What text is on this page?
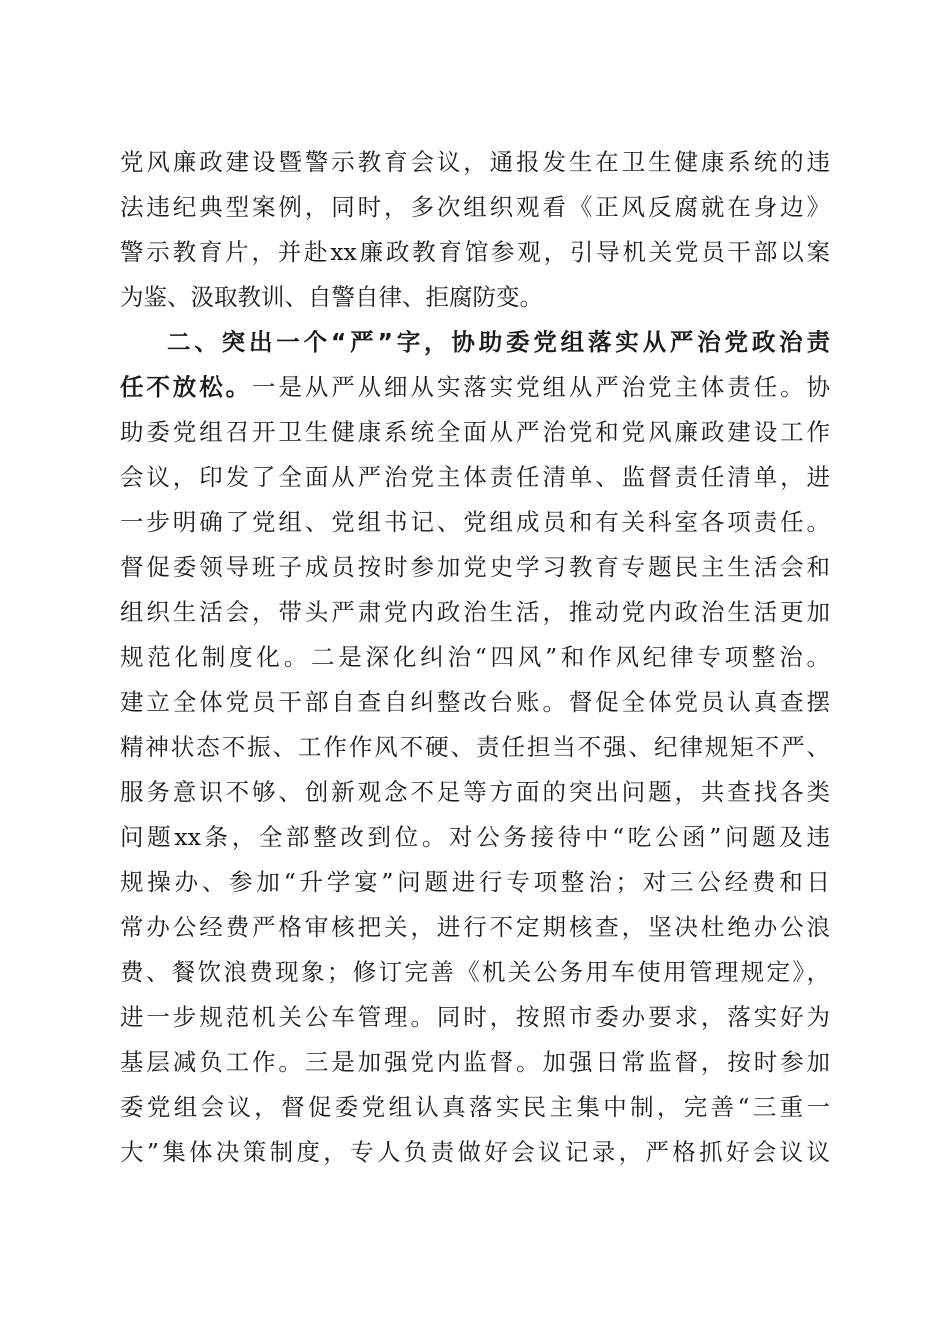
党风廉政建设暨警示教育会议，通报发生在卫生健康系统的违
法违纪典型案例，同时，多次组织观看《正风反腐就在身边》
警示教育片，并赴xx廉政教育馆参观，引导机关党员干部以案
为鉴、汲取教训、自警自律、拒腐防变。
二、突出一个“严”字，协助委党组落实从严治党政治责
任不放松。一是从严从细从实落实党组从严治党主体责任。协
助委党组召开卫生健康系统全面从严治党和党风廉政建设工作
会议，印发了全面从严治党主体责任清单、监督责任清单，进
一步明确了党组、党组书记、党组成员和有关科室各项责任。
督促委领导班子成员按时参加党史学习教育专题民主生活会和
组织生活会，带头严肃党内政治生活，推动党内政治生活更加
规范化制度化。二是深化纠治“四风”和作风纪律专项整治。
建立全体党员干部自查自纠整改台账。督促全体党员认真查摆
精神状态不振、工作作风不硬、责任担当不强、纪律规矩不严、
服务意识不够、创新观念不足等方面的突出问题，共查找各类
问题xx条，全部整改到位。对公务接待中“吃公函”问题及违
规操办、参加“升学宴”问题进行专项整治；对三公经费和日
常办公经费严格审核把关，进行不定期核查，坚决杜绝办公浪
费、餐饮浪费现象；修订完善《机关公务用车使用管理规定》，
进一步规范机关公车管理。同时，按照市委办要求，落实好为
基层减负工作。三是加强党内监督。加强日常监督，按时参加
委党组会议，督促委党组认真落实民主集中制，完善“三重一
大”集体决策制度，专人负责做好会议记录，严格抓好会议议
